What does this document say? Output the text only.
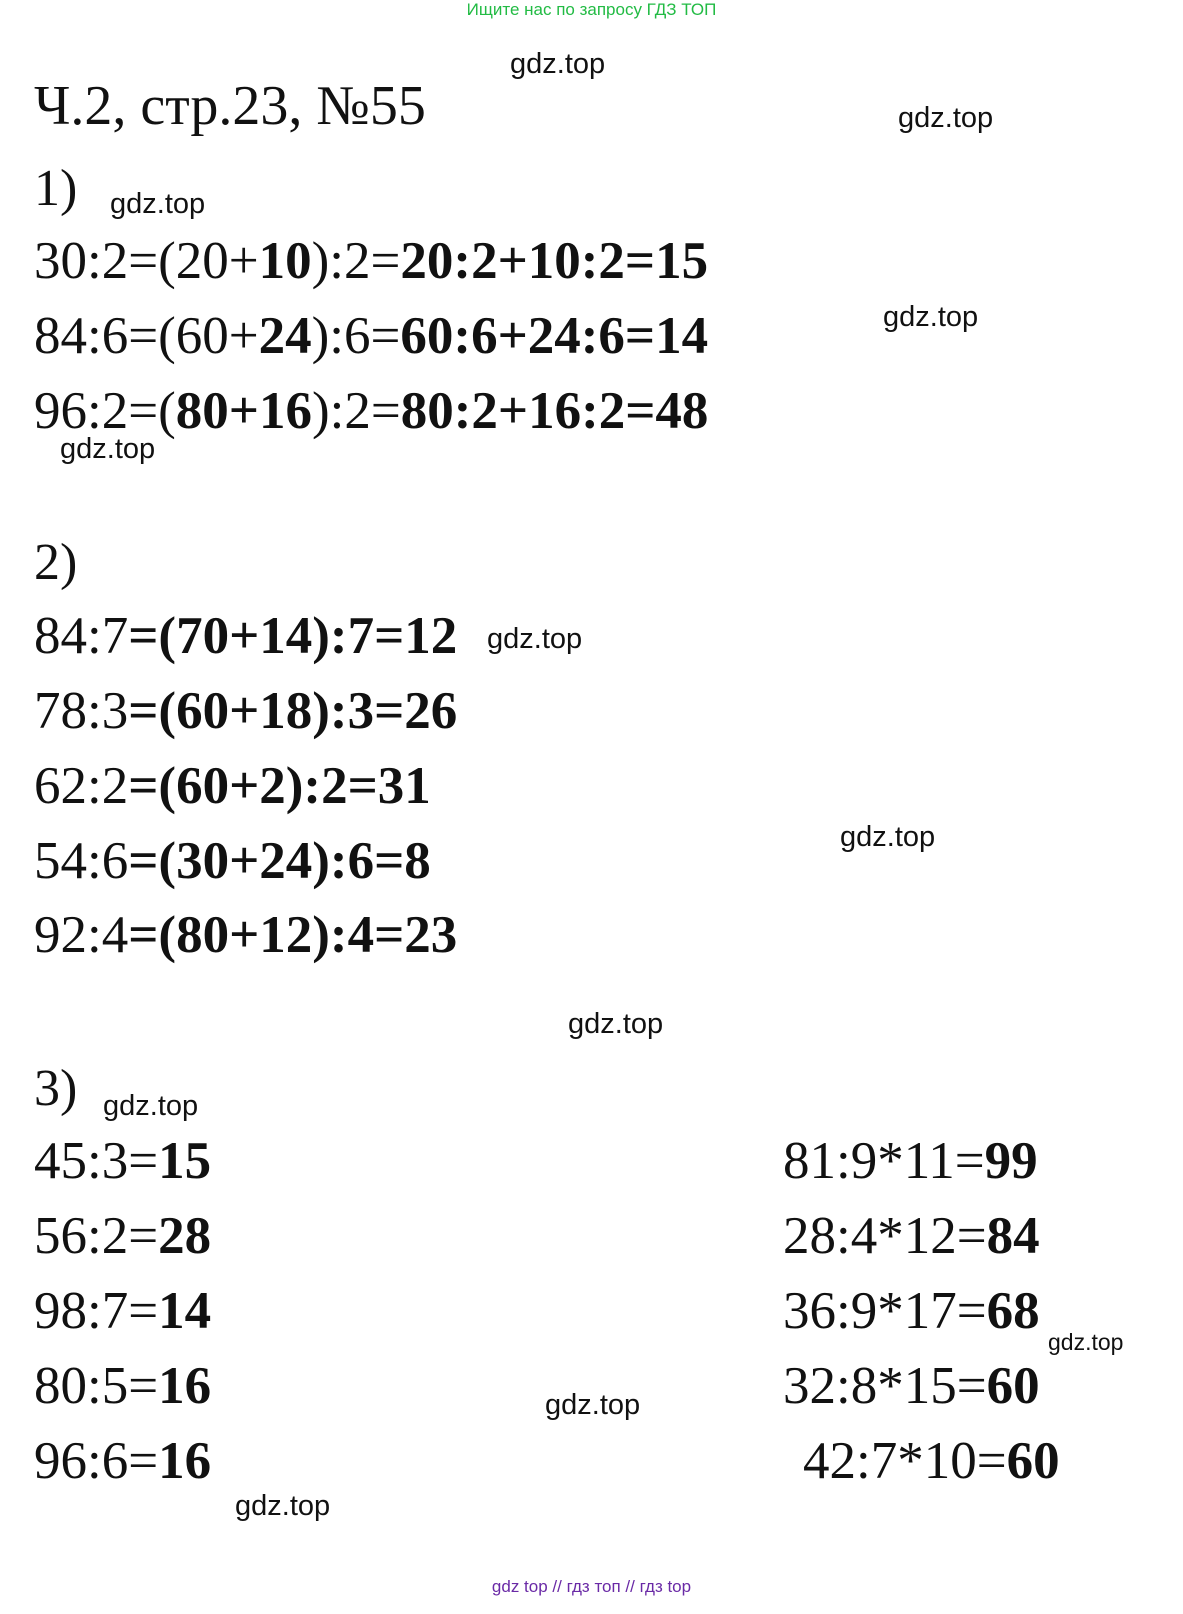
Ищите нас по запросу ГДЗ ТОП
Ч.2, стр.23, №55
gdz.top
gdz.top
gdz.top
gdz.top
gdz.top
gdz.top
gdz.top
gdz.top
gdz.top
gdz.top
gdz.top
gdz.top
1)
30:2=(20+10):2=20:2+10:2=15
84:6=(60+24):6=60:6+24:6=14
96:2=(80+16):2=80:2+16:2=48
2)
84:7=(70+14):7=12
78:3=(60+18):3=26
62:2=(60+2):2=31
54:6=(30+24):6=8
92:4=(80+12):4=23
3)
45:3=15
56:2=28
98:7=14
80:5=16
96:6=16
81:9*11=99
28:4*12=84
36:9*17=68
32:8*15=60
42:7*10=60
gdz top // гдз топ // гдз top
